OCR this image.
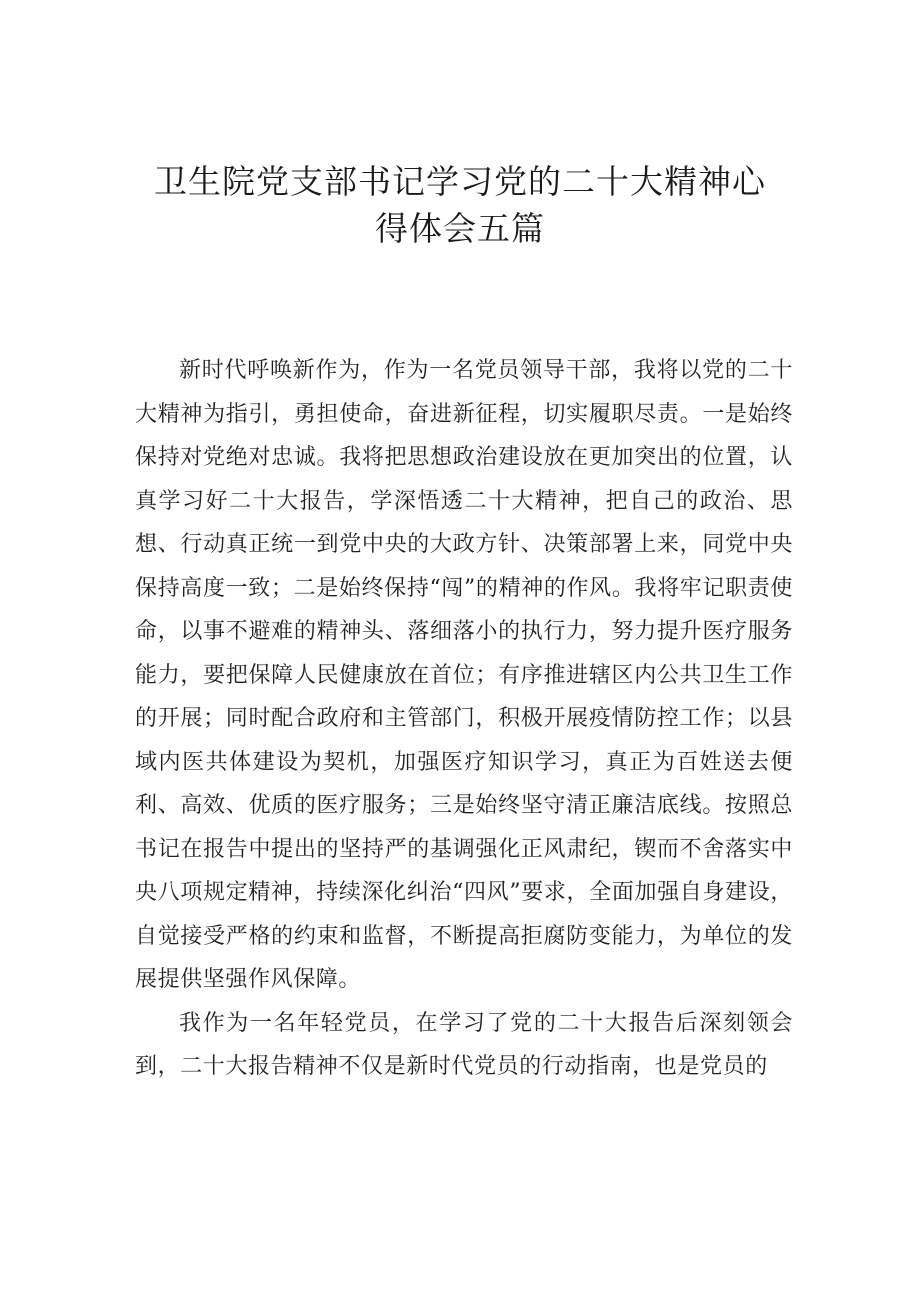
卫生院党支部书记学习党的二十大精神心
得体会五篇

新时代呼唤新作为，作为一名党员领导干部，我将以党的二十大精神为指引，勇担使命，奋进新征程，切实履职尽责。一是始终保持对党绝对忠诚。我将把思想政治建设放在更加突出的位置，认真学习好二十大报告，学深悟透二十大精神，把自己的政治、思想、行动真正统一到党中央的大政方针、决策部署上来，同党中央保持高度一致；二是始终保持“闯”的精神的作风。我将牢记职责使命，以事不避难的精神头、落细落小的执行力，努力提升医疗服务能力，要把保障人民健康放在首位；有序推进辖区内公共卫生工作的开展；同时配合政府和主管部门，积极开展疫情防控工作；以县域内医共体建设为契机，加强医疗知识学习，真正为百姓送去便利、高效、优质的医疗服务；三是始终坚守清正廉洁底线。按照总书记在报告中提出的坚持严的基调强化正风肃纪，锲而不舍落实中央八项规定精神，持续深化纠治“四风”要求，全面加强自身建设，自觉接受严格的约束和监督，不断提高拒腐防变能力，为单位的发展提供坚强作风保障。

我作为一名年轻党员，在学习了党的二十大报告后深刻领会到，二十大报告精神不仅是新时代党员的行动指南，也是党员的
